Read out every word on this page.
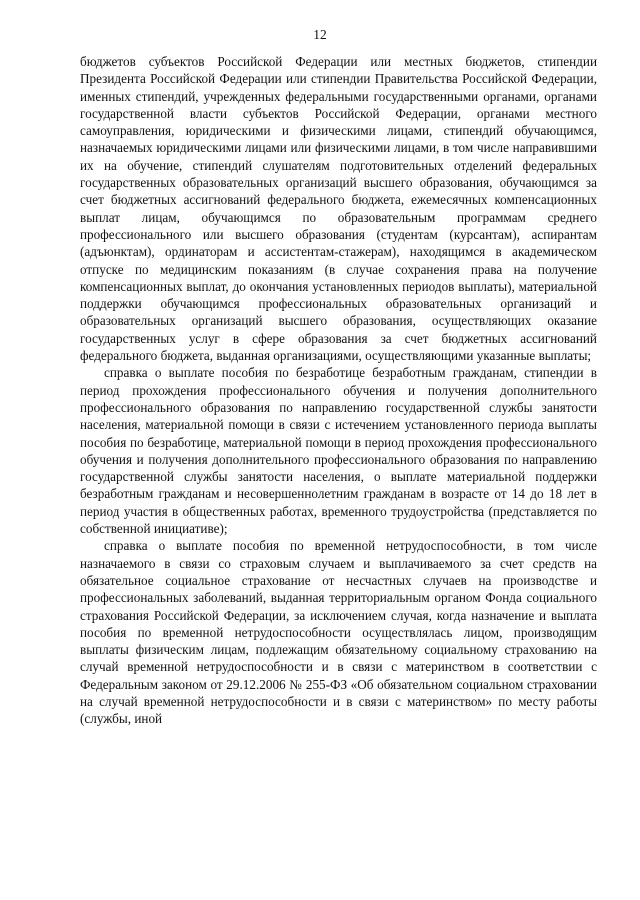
12

бюджетов субъектов Российской Федерации или местных бюджетов, стипендии Президента Российской Федерации или стипендии Правительства Российской Федерации, именных стипендий, учрежденных федеральными государственными органами, органами государственной власти субъектов Российской Федерации, органами местного самоуправления, юридическими и физическими лицами, стипендий обучающимся, назначаемых юридическими лицами или физическими лицами, в том числе направившими их на обучение, стипендий слушателям подготовительных отделений федеральных государственных образовательных организаций высшего образования, обучающимся за счет бюджетных ассигнований федерального бюджета, ежемесячных компенсационных выплат лицам, обучающимся по образовательным программам среднего профессионального или высшего образования (студентам (курсантам), аспирантам (адъюнктам), ординаторам и ассистентам-стажерам), находящимся в академическом отпуске по медицинским показаниям (в случае сохранения права на получение компенсационных выплат, до окончания установленных периодов выплаты), материальной поддержки обучающимся профессиональных образовательных организаций и образовательных организаций высшего образования, осуществляющих оказание государственных услуг в сфере образования за счет бюджетных ассигнований федерального бюджета, выданная организациями, осуществляющими указанные выплаты;

справка о выплате пособия по безработице безработным гражданам, стипендии в период прохождения профессионального обучения и получения дополнительного профессионального образования по направлению государственной службы занятости населения, материальной помощи в связи с истечением установленного периода выплаты пособия по безработице, материальной помощи в период прохождения профессионального обучения и получения дополнительного профессионального образования по направлению государственной службы занятости населения, о выплате материальной поддержки безработным гражданам и несовершеннолетним гражданам в возрасте от 14 до 18 лет в период участия в общественных работах, временного трудоустройства (представляется по собственной инициативе);

справка о выплате пособия по временной нетрудоспособности, в том числе назначаемого в связи со страховым случаем и выплачиваемого за счет средств на обязательное социальное страхование от несчастных случаев на производстве и профессиональных заболеваний, выданная территориальным органом Фонда социального страхования Российской Федерации, за исключением случая, когда назначение и выплата пособия по временной нетрудоспособности осуществлялась лицом, производящим выплаты физическим лицам, подлежащим обязательному социальному страхованию на случай временной нетрудоспособности и в связи с материнством в соответствии с Федеральным законом от 29.12.2006 № 255-ФЗ «Об обязательном социальном страховании на случай временной нетрудоспособности и в связи с материнством» по месту работы (службы, иной
